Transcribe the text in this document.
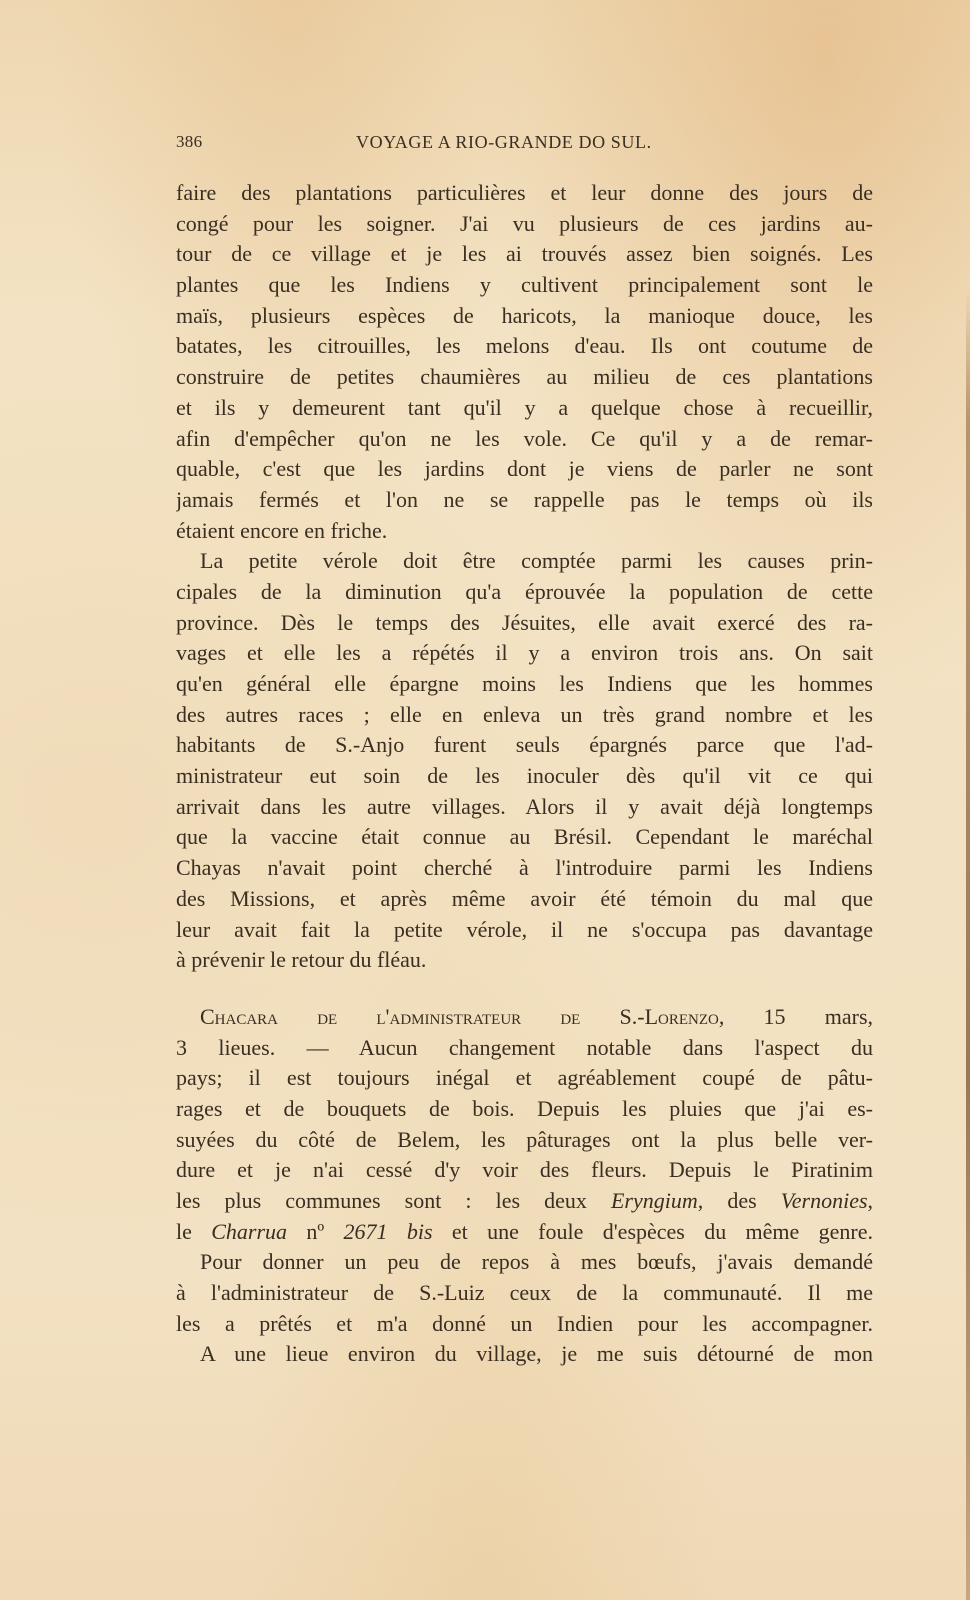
386	VOYAGE A RIO-GRANDE DO SUL.
faire des plantations particulières et leur donne des jours de
congé pour les soigner. J'ai vu plusieurs de ces jardins au-
tour de ce village et je les ai trouvés assez bien soignés. Les
plantes que les Indiens y cultivent principalement sont le
maïs, plusieurs espèces de haricots, la manioque douce, les
batates, les citrouilles, les melons d'eau. Ils ont coutume de
construire de petites chaumières au milieu de ces plantations
et ils y demeurent tant qu'il y a quelque chose à recueillir,
afin d'empêcher qu'on ne les vole. Ce qu'il y a de remar-
quable, c'est que les jardins dont je viens de parler ne sont
jamais fermés et l'on ne se rappelle pas le temps où ils
étaient encore en friche.
La petite vérole doit être comptée parmi les causes prin-
cipales de la diminution qu'a éprouvée la population de cette
province. Dès le temps des Jésuites, elle avait exercé des ra-
vages et elle les a répétés il y a environ trois ans. On sait
qu'en général elle épargne moins les Indiens que les hommes
des autres races ; elle en enleva un très grand nombre et les
habitants de S.-Anjo furent seuls épargnés parce que l'ad-
ministrateur eut soin de les inoculer dès qu'il vit ce qui
arrivait dans les autre villages. Alors il y avait déjà longtemps
que la vaccine était connue au Brésil. Cependant le maréchal
Chayas n'avait point cherché à l'introduire parmi les Indiens
des Missions, et après même avoir été témoin du mal que
leur avait fait la petite vérole, il ne s'occupa pas davantage
à prévenir le retour du fléau.
Chacara de l'administrateur de S.-Lorenzo, 15 mars,
3 lieues. — Aucun changement notable dans l'aspect du
pays; il est toujours inégal et agréablement coupé de pâtu-
rages et de bouquets de bois. Depuis les pluies que j'ai es-
suyées du côté de Belem, les pâturages ont la plus belle ver-
dure et je n'ai cessé d'y voir des fleurs. Depuis le Piratinim
les plus communes sont : les deux Eryngium, des Vernonies,
le Charrua nº 2671 bis et une foule d'espèces du même genre.
Pour donner un peu de repos à mes bœufs, j'avais demandé
à l'administrateur de S.-Luiz ceux de la communauté. Il me
les a prêtés et m'a donné un Indien pour les accompagner.
A une lieue environ du village, je me suis détourné de mon
